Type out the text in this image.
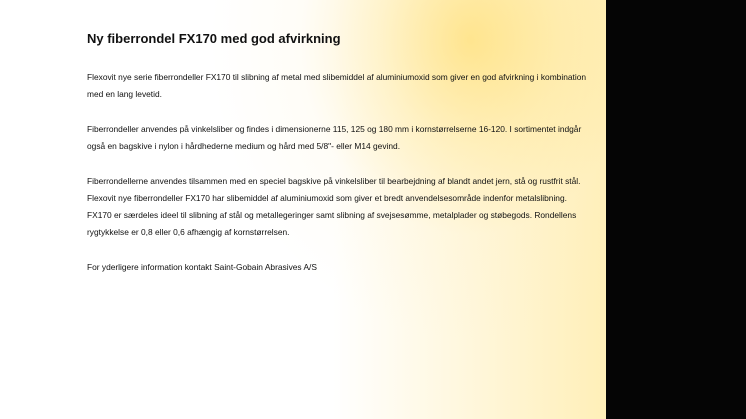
Ny fiberrondel FX170 med god afvirkning

Flexovit nye serie fiberrondeller FX170 til slibning af metal med slibemiddel af aluminiumoxid som giver en god afvirkning i kombination med en lang levetid.

Fiberrondeller anvendes på vinkelsliber og findes i dimensionerne 115, 125 og 180 mm i kornstørrelserne 16-120. I sortimentet indgår også en bagskive i nylon i hårdhederne medium og hård med 5/8"- eller M14 gevind.

Fiberrondellerne anvendes tilsammen med en speciel bagskive på vinkelsliber til bearbejdning af blandt andet jern, stå og rustfrit stål. Flexovit nye fiberrondeller FX170 har slibemiddel af aluminiumoxid som giver et bredt anvendelsesområde indenfor metalslibning.

FX170 er særdeles ideel til slibning af stål og metallegeringer samt slibning af svejsesømme, metalplader og støbegods. Rondellens rygtykkelse er 0,8 eller 0,6 afhængig af kornstørrelsen.

For yderligere information kontakt Saint-Gobain Abrasives A/S
